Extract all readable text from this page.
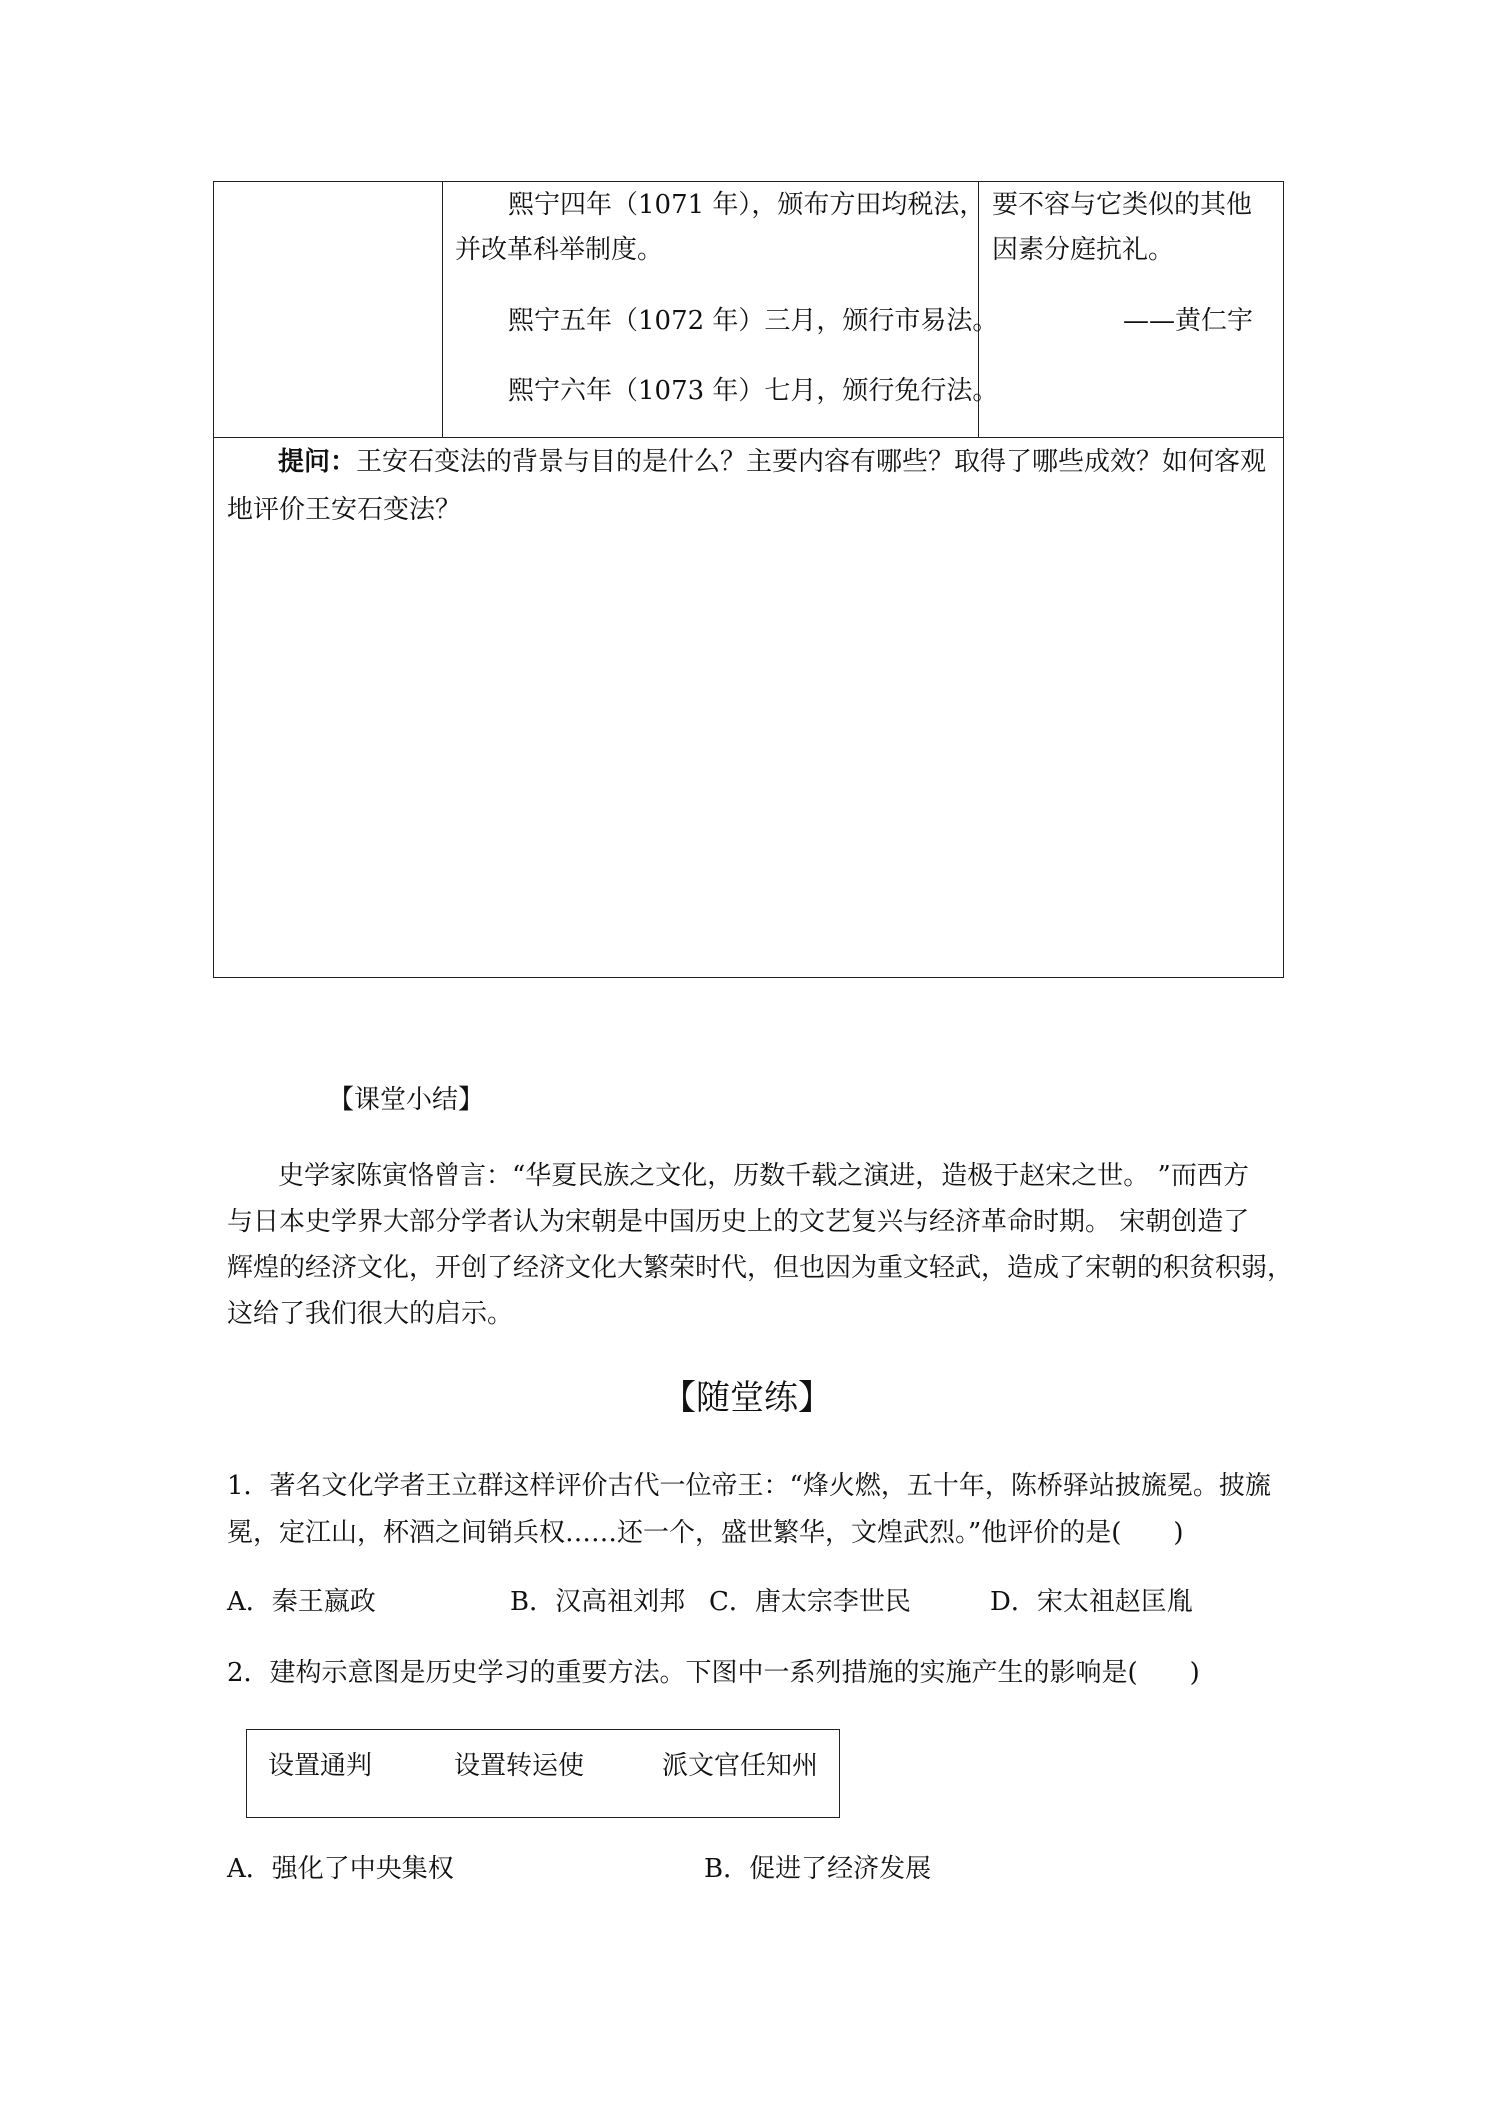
熙宁四年（1071 年），颁布方田均税法，
并改革科举制度。
熙宁五年（1072 年）三月，颁行市易法。
熙宁六年（1073 年）七月，颁行免行法。
要不容与它类似的其他
因素分庭抗礼。
——黄仁宇
提问：王安石变法的背景与目的是什么？主要内容有哪些？取得了哪些成效？如何客观
地评价王安石变法？
【课堂小结】
史学家陈寅恪曾言：“华夏民族之文化，历数千载之演进，造极于赵宋之世。 ”而西方
与日本史学界大部分学者认为宋朝是中国历史上的文艺复兴与经济革命时期。 宋朝创造了
辉煌的经济文化，开创了经济文化大繁荣时代，但也因为重文轻武，造成了宋朝的积贫积弱，
这给了我们很大的启示。
【随堂练】
1．著名文化学者王立群这样评价古代一位帝王：“烽火燃，五十年，陈桥驿站披旒冕。披旒
冕，定江山，杯酒之间销兵权……还一个，盛世繁华，文煌武烈。”他评价的是(　　)
A．秦王嬴政	B．汉高祖刘邦 C．唐太宗李世民	D．宋太祖赵匡胤
2．建构示意图是历史学习的重要方法。下图中一系列措施的实施产生的影响是(　　)
设置通判	设置转运使	派文官任知州
A．强化了中央集权	B．促进了经济发展
